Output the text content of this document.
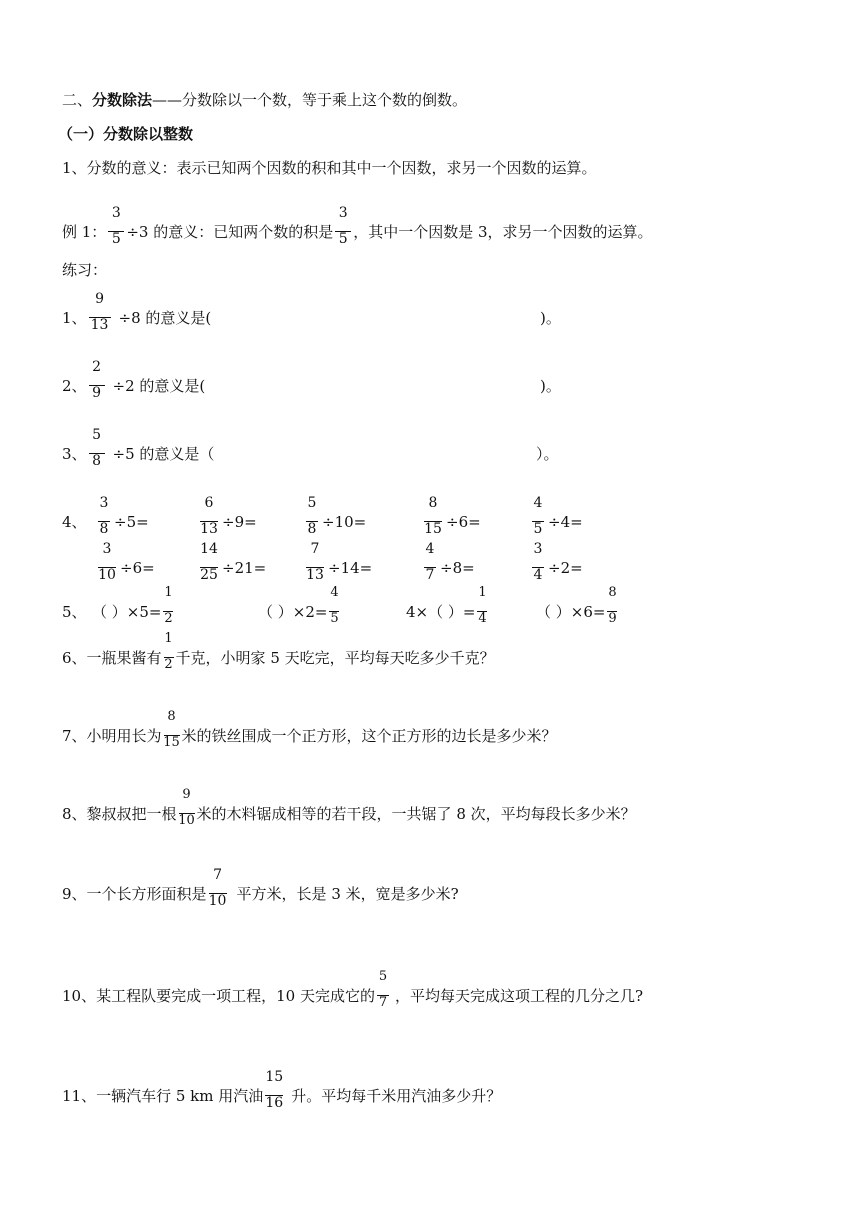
二、分数除法——分数除以一个数，等于乘上这个数的倒数。
（一）分数除以整数
1、分数的意义：表示已知两个因数的积和其中一个因数，求另一个因数的运算。
例 1： $\frac{3}{5} \div 3$ 的意义：已知两个数的积是 $\frac{3}{5}$ ，其中一个因数是 3，求另一个因数的运算。
练习：
1、 $\frac{9}{13} \div 8$ 的意义是(	)。
2、 $\frac{2}{9} \div 2$ 的意义是(	)。
3、 $\frac{5}{8} \div 5$ 的意义是（	）。
4、 $\frac{3}{8} \div 5=$	$\frac{6}{13} \div 9=$	$\frac{5}{8} \div 10=$	$\frac{8}{15} \div 6=$	$\frac{4}{5} \div 4=$
$\frac{3}{10} \div 6=$	$\frac{14}{25} \div 21=$	$\frac{7}{13} \div 14=$	$\frac{4}{7} \div 8=$	$\frac{3}{4} \div 2=$
5、 （ ）$\times 5= \frac{1}{2}$	（ ）$\times 2= \frac{4}{5}$	4×（ ）= $\frac{1}{4}$	（ ）$\times 6= \frac{8}{9}$
6、一瓶果酱有 $\frac{1}{2}$ 千克，小明家 5 天吃完，平均每天吃多少千克？
7、小明用长为 $\frac{8}{15}$ 米的铁丝围成一个正方形，这个正方形的边长是多少米？
8、黎叔叔把一根 $\frac{9}{10}$ 米的木料锯成相等的若干段，一共锯了 8 次，平均每段长多少米？
9、一个长方形面积是 $\frac{7}{10}$ 平方米，长是 3 米，宽是多少米?
10、某工程队要完成一项工程，10 天完成它的 $\frac{5}{7}$ ，平均每天完成这项工程的几分之几?
11、一辆汽车行 5 km 用汽油 $\frac{15}{16}$ 升。平均每千米用汽油多少升？
